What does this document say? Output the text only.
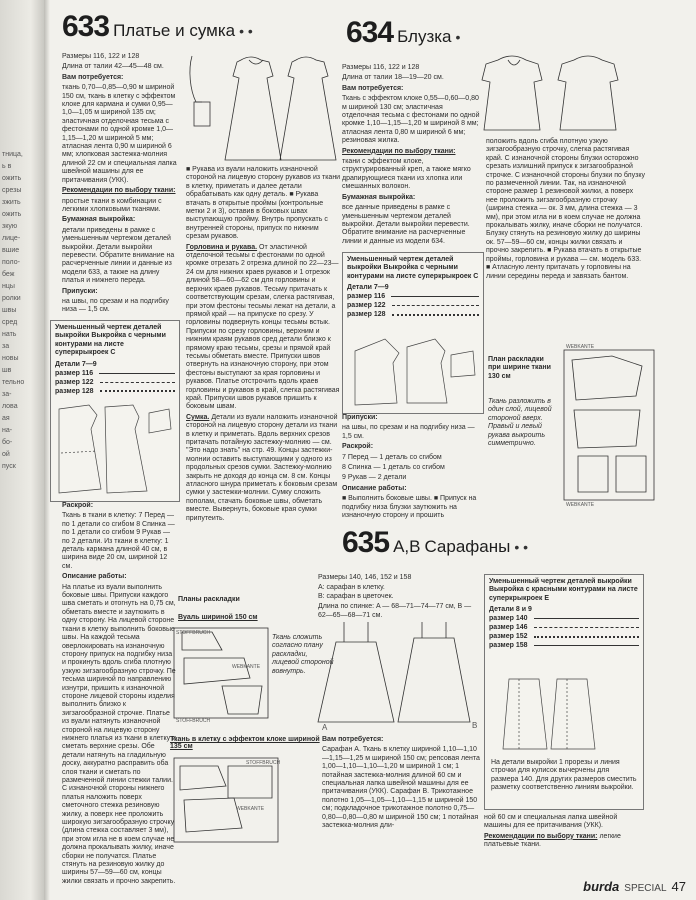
тница,
ь в
ожить
срезы
зжить
ожить
зкую
лице-
вшие
поло-
беж
нцы
ролки
швы
сред
нать
за
новы
шв
тельно
за-
лова
ая
на-
бо-
ой
пуск
633 Платье и сумка • •

Размеры 116, 122 и 128

Длина от талии 42—45—48 см.

Вам потребуется:

ткань 0,70—0,85—0,90 м шириной 150 см, ткань в клетку с эффектом клоке для кармана и сумки 0,95—1,0—1,05 м шириной 135 см; эластичная отделочная тесьма с фестонами по одной кромке 1,0—1,15—1,20 м шириной 5 мм; атласная лента 0,90 м шириной 6 мм; хлопковая застежка-молния длиной 22 см и специальная лапка швейной машины для ее притачивания (УКК).

Рекомендации по выбору ткани:

простые ткани в комбинации с легкими хлопковыми тканями.

Бумажная выкройка:

детали приведены в рамке с уменьшенным чертежом деталей выкройки. Детали выкройки перевести. Обратите внимание на расчерченные линии и данные из модели 633, а также на длину платья и нижнего переда.

Припуски:

на швы, по срезам и на подгибку низа — 1,5 см.

■ Рукава из вуали наложить изнаночной стороной на лицевую сторону рукавов из ткани в клетку, приметать и далее детали обрабатывать как одну деталь. ■ Рукава втачать в открытые проймы (контрольные метки 2 и 3), оставив в боковых швах выступающую пройму. Внутрь пропускать с внутренней стороны, припуск по нижним срезам рукавов.

Горловина и рукава. От эластичной отделочной тесьмы с фестонами по одной кромке отрезать 2 отрезка длиной по 22—23—24 см для нижних краев рукавов и 1 отрезок длиной 58—60—62 см для горловины и верхних краев рукавов. Тесьму притачать к соответствующим срезам, слегка растягивая, при этом фестоны тесьмы лежат на детали, а прямой край — на припуске по срезу. У горловины подвернуть концы тесьмы встык. Припуски по срезу горловины, верхним и нижним краям рукавов сред детали близко к прямому краю тесьмы, срезы и прямой край тесьмы обметать вместе. Припуски швов отвернуть на изнаночную сторону, при этом фестоны выступают за края горловины и рукавов. Платье отстрочить вдоль краев горловины и рукавов в край, слегка растягивая край. Припуски швов рукавов пришить к боковым швам.

Сумка. Детали из вуали наложить изнаночной стороной на лицевую сторону детали из ткани в клетку и приметать. Вдоль верхних срезов притачать потайную застежку-молнию — см. "Это надо знать" на стр. 49. Концы застежки-молнии оставить выступающими у одного из продольных срезов сумки. Застежку-молнию закрыть не доходя до конца см. 8 см. Концы атласного шнура приметать к боковым срезам сумки у застежки-молнии. Сумку сложить пополам, стачать боковые швы, обметать вместе. Вывернуть, боковые края сумки припутеить.

Уменьшенный чертеж деталей выкройки Выкройка с черными контурами на листе суперкрыкроек C
Детали 7—9
размер 116
размер 122
размер 128

Раскрой:

Ткань в ткани в клетку: 7 Перед — по 1 детали со сгибом 8 Спинка — по 1 детали со сгибом 9 Рукав — по 2 детали. Из ткани в клетку: 1 деталь кармана длиной 40 см, в ширина виде 20 см, шириной 12 см.

Описание работы:

На платье из вуали выполнить боковые швы. Припуски каждого шва сметать и отогнуть на 0,75 см, обметать вместе и заутюжить в одну сторону. На лицевой стороне ткани в клетку выполнить боковые швы. На каждой тесьма оверлокировать на изнаночную сторону припуск на подгибку низа и прокинуть вдоль сгиба плотную узкую зигзагообразную строчку. Пе тесьма шириной по направлению изнутри, пришить к изнаночной стороне лицевой стороны изделия выполнить близко к зигзагообразной строчке. Платье из вуали натянуть изнаночной стороной на лицевую сторону нижнего платья из ткани в клетку и сметать верхние срезы. Обе детали натянуть на гладильную доску, аккуратно расправить оба слоя ткани и сметать по размеченной линии стежки талии. С изнаночной стороны нижнего платья наложить поверх сметочного стежка резиновую жилку, а поверх нее проложить широкую зигзагообразную строчку (длина стежка составляет 3 мм), при этом игла не в коем случае не должна прокалывать жилку, иначе сборки не получатся. Платье стянуть на резиновую жилку до ширины 57—59—60 см, концы жилки связать и прочно закрепить.

Планы раскладки
Вуаль шириной 150 см
STOFFBRUCH
WEBKANTE
STOFFBRUCH
Ткань сложить согласно плану раскладки, лицевой стороной вовнутрь.
Ткань в клетку с эффектом клоке шириной 135 см
STOFFBRUCH
WEBKANTE
634 Блузка •

Размеры 116, 122 и 128

Длина от талии 18—19—20 см.

Вам потребуется:

Ткань с эффектом клоке 0,55—0,60—0,80 м шириной 130 см; эластичная отделочная тесьма с фестонами по одной кромке 1,10—1,15—1,20 м шириной 8 мм; атласная лента 0,80 м шириной 6 мм; резиновая жилка.

Рекомендации по выбору ткани:

ткани с эффектом клоке, структурированный креп, а также мягко драпирующиеся ткани из хлопка или смешанных волокон.

Бумажная выкройка:

все данные приведены в рамке с уменьшенным чертежом деталей выкройки. Детали выкройки перевести. Обратите внимание на расчерченные линии и данные из модели 634.

положить вдоль сгиба плотную узкую зигзагообразную строчку, слегка растягивая край. С изнаночной стороны блузки осторожно срезать излишний припуск к зигзагообразной строчке. С изнаночной стороны блузки по блузку по размеченной линии. Так, на изнаночной стороне размер 1 резиновой жилки, а поверх нее проложить зигзагообразную строчку (ширина стежка — ок. 3 мм, длина стежка — 3 мм), при этом игла ни в коем случае не должна прокалывать жилку, иначе сборки не получатся. Блузку стянуть на резиновую жилку до ширины ок. 57—59—60 см, концы жилки связать и прочно закрепить. ■ Рукава втачать в открытые проймы, горловина и рукава — см. модель 633. ■ Атласную ленту притачать у горловины на линии середины переда и завязать бантом.
Уменьшенный чертеж деталей выкройки Выкройка с черными контурами на листе суперкрыкроек C
Детали 7—9
размер 116
размер 122
размер 128

Припуски:

на швы, по срезам и на подгибку низа — 1,5 см.

Раскрой:

7 Перед — 1 деталь со сгибом

8 Спинка — 1 деталь со сгибом

9 Рукав — 2 детали

Описание работы:

■ Выполнить боковые швы. ■ Припуск на подгибку низа блузки заутюжить на изнаночную сторону и прошить

План раскладки при ширине ткани 130 см
Ткань разложить в один слой, лицевой стороной вверх. Правый и левый рукава выкроить симметрично.
WEBKANTE
WEBKANTE
635 A,B Сарафаны • •

Размеры 140, 146, 152 и 158

A: сарафан в клетку.

B: сарафан в цветочек.

Длина по спинке: A — 68—71—74—77 см, B — 62—65—68—71 см.

A	B

Вам потребуется:

Сарафан А. Ткань в клетку шириной 1,10—1,10—1,15—1,25 м шириной 150 см; репсовая лента 1,00—1,10—1,10—1,20 м шириной 1 см; 1 потайная застежка-молния длиной 60 см и специальная лапка швейной машины для ее притачивания (УКК). Сарафан В. Трикотажное полотно 1,05—1,05—1,10—1,15 м шириной 150 см; подкладочное трикотажное полотно 0,75—0,80—0,80—0,80 м шириной 150 см; 1 потайная застежка-молния дли-

Уменьшенный чертеж деталей выкройки Выкройка с красными контурами на листе суперкрыкроек E
Детали 8 и 9
размер 140
размер 146
размер 152
размер 158
На детали выкройки 1 прорезы и линия строчки для кулисок вычерчены для размера 140. Для других размеров сместить разметку соответственно линиям выкройки.

ной 60 см и специальная лапка швейной машины для ее притачивания (УКК).

Рекомендации по выбору ткани: легкие платьевые ткани.

burda SPECIAL 47
